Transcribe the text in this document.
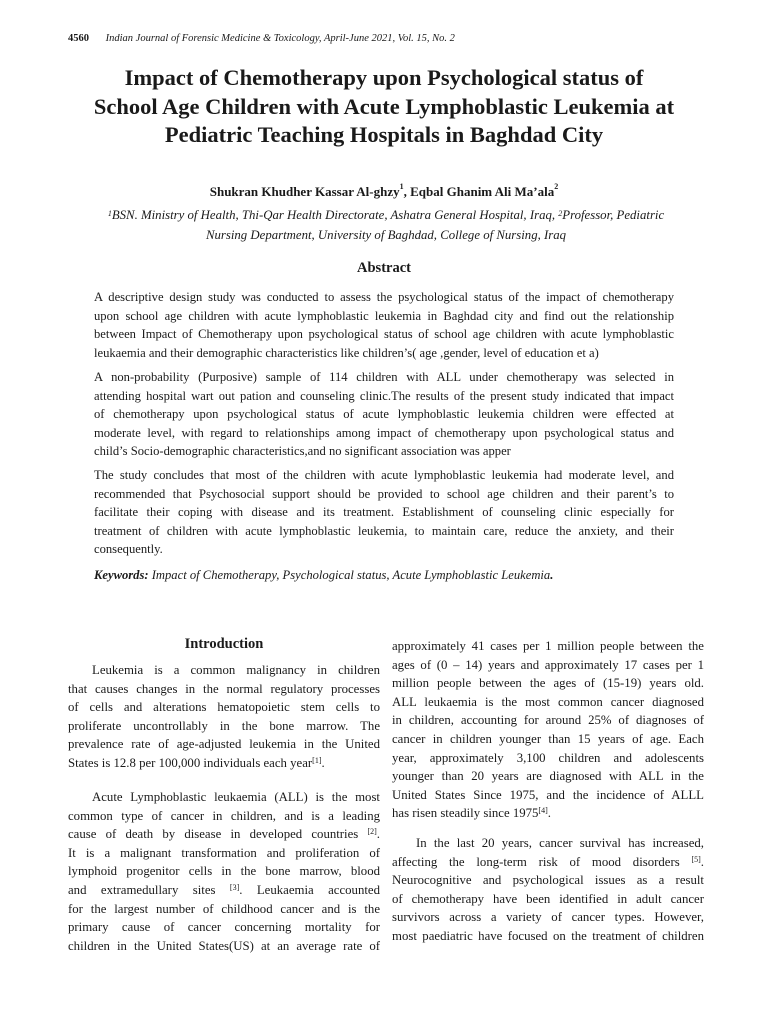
4560 Indian Journal of Forensic Medicine & Toxicology, April-June 2021, Vol. 15, No. 2
Impact of Chemotherapy upon Psychological status of
School Age Children with Acute Lymphoblastic Leukemia at
Pediatric Teaching Hospitals in Baghdad City
Shukran Khudher Kassar Al-ghzy$^1$, Eqbal Ghanim Ali Ma’ala$^2$
$^1$BSN. Ministry of Health, Thi-Qar Health Directorate, Ashatra General Hospital, Iraq, $^2$Professor, Pediatric
Nursing Department, University of Baghdad, College of Nursing, Iraq
Abstract

A descriptive design study was conducted to assess the psychological status of the impact of chemotherapy
upon school age children with acute lymphoblastic leukemia in Baghdad city and find out the relationship
between Impact of Chemotherapy upon psychological status of school age children with acute lymphoblastic
leukaemia and their demographic characteristics like children’s( age ,gender, level of education et a)

A non-probability (Purposive) sample of 114 children with ALL under chemotherapy was selected in
attending hospital wart out pation and counseling clinic.The results of the present study indicated that impact
of chemotherapy upon psychological status of acute lymphoblastic leukemia children were effected at
moderate level, with regard to relationships among impact of chemotherapy upon psychological status and
child’s Socio-demographic characteristics,and no significant association was apper

The study concludes that most of the children with acute lymphoblastic leukemia had moderate level, and
recommended that Psychosocial support should be provided to school age children and their parent’s to
facilitate their coping with disease and its treatment. Establishment of counseling clinic especially for
treatment of children with acute lymphoblastic leukemia, to maintain care, reduce the anxiety, and their
consequently.

Keywords: Impact of Chemotherapy, Psychological status, Acute Lymphoblastic Leukemia.
Introduction

Leukemia is a common malignancy in children
that causes changes in the normal regulatory processes
of cells and alterations hematopoietic stem cells to
proliferate uncontrollably in the bone marrow. The
prevalence rate of age-adjusted leukemia in the United
States is 12.8 per 100,000 individuals each year[1].

Acute Lymphoblastic leukaemia (ALL) is the most
common type of cancer in children, and is a leading
cause of death by disease in developed countries [2].
It is a malignant transformation and proliferation of
lymphoid progenitor cells in the bone marrow, blood
and extramedullary sites [3]. Leukaemia accounted
for the largest number of childhood cancer and is the
primary cause of cancer concerning mortality for
children in the United States(US) at an average rate of

approximately 41 cases per 1 million people between the
ages of (0 – 14) years and approximately 17 cases per 1
million people between the ages of (15-19) years old.
ALL leukaemia is the most common cancer diagnosed
in children, accounting for around 25% of diagnoses of
cancer in children younger than 15 years of age. Each
year, approximately 3,100 children and adolescents
younger than 20 years are diagnosed with ALL in the
United States Since 1975, and the incidence of ALLL
has risen steadily since 1975[4].

In the last 20 years, cancer survival has increased,
affecting the long-term risk of mood disorders [5].
Neurocognitive and psychological issues as a result
of chemotherapy have been identified in adult cancer
survivors across a variety of cancer types. However,
most paediatric have focused on the treatment of children
